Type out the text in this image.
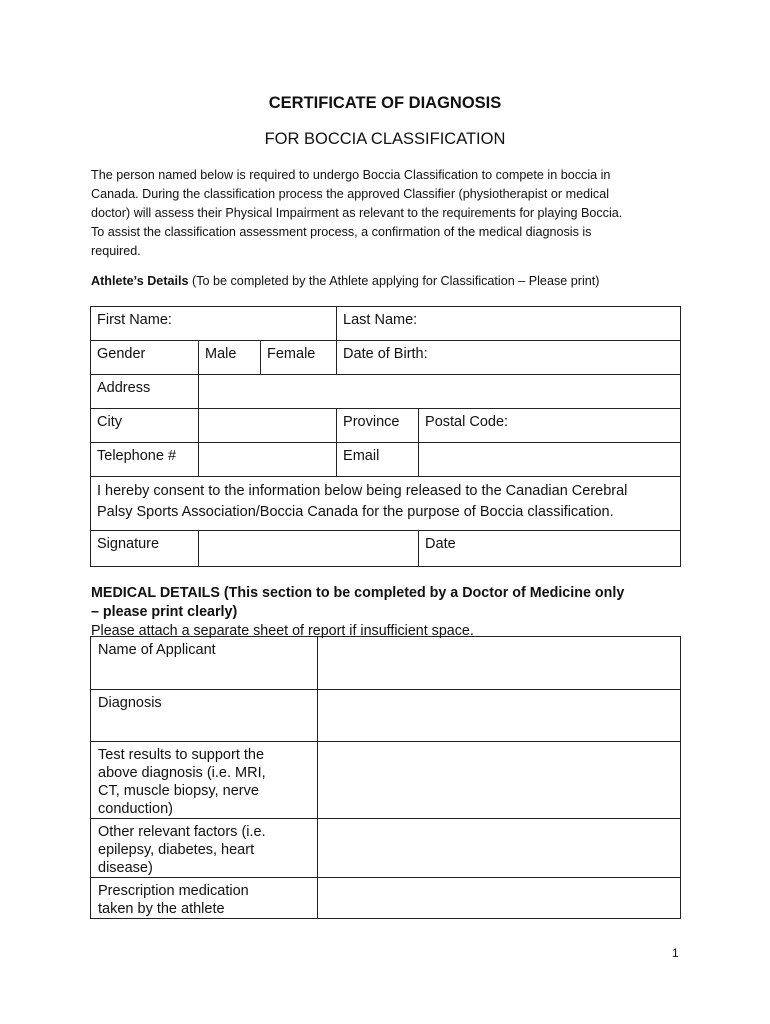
CERTIFICATE OF DIAGNOSIS
FOR BOCCIA CLASSIFICATION
The person named below is required to undergo Boccia Classification to compete in boccia in
Canada. During the classification process the approved Classifier (physiotherapist or medical
doctor) will assess their Physical Impairment as relevant to the requirements for playing Boccia.
To assist the classification assessment process, a confirmation of the medical diagnosis is
required.
Athlete’s Details (To be completed by the Athlete applying for Classification – Please print)
First Name:			Last Name:	

Gender	Male	Female	Date of Birth:	

Address				

City			Province	Postal Code:

Telephone #			Email	

I hereby consent to the information below being released to the Canadian Cerebral
Palsy Sports Association/Boccia Canada for the purpose of Boccia classification.				

Signature				Date
MEDICAL DETAILS (This section to be completed by a Doctor of Medicine only
– please print clearly)
Please attach a separate sheet of report if insufficient space.
Name of Applicant	

Diagnosis	

Test results to support the
above diagnosis (i.e. MRI,
CT, muscle biopsy, nerve
conduction)	

Other relevant factors (i.e.
epilepsy, diabetes, heart
disease)	

Prescription medication
taken by the athlete	

1
